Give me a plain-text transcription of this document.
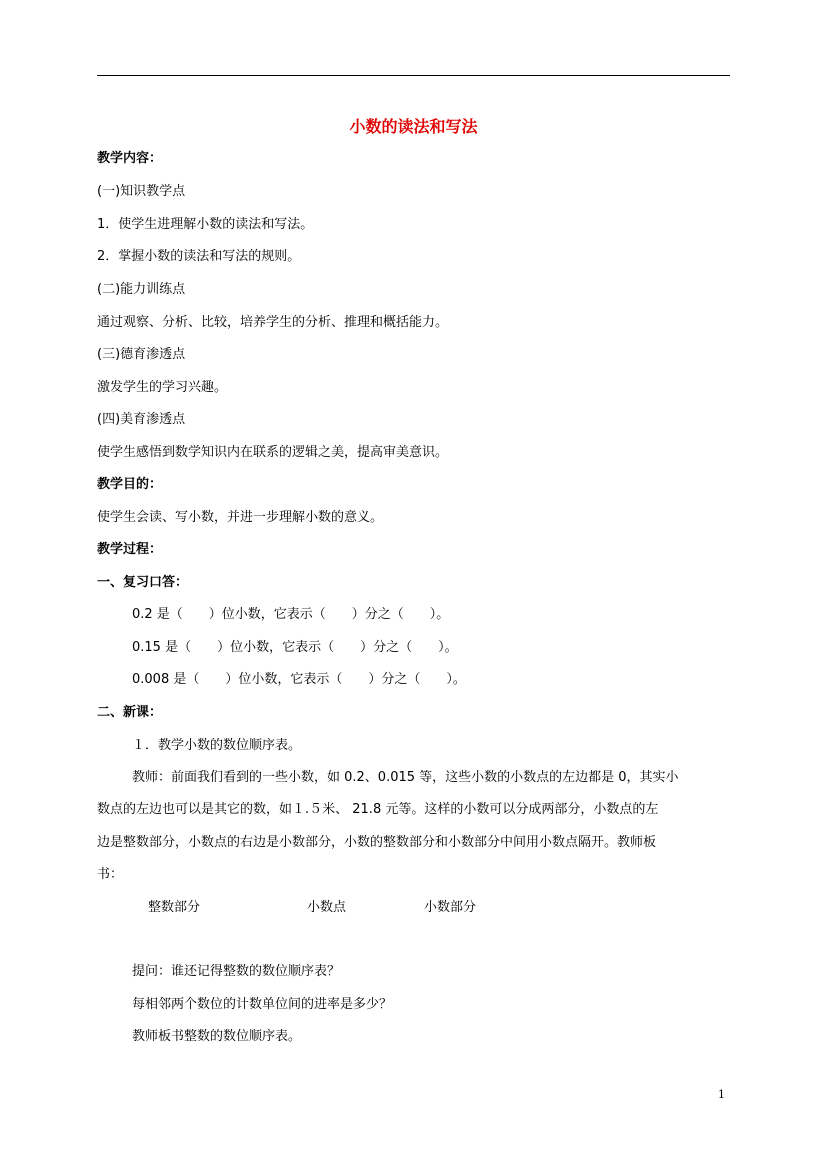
小数的读法和写法
教学内容：
(一)知识教学点
1．使学生进理解小数的读法和写法。
2．掌握小数的读法和写法的规则。
(二)能力训练点
通过观察、分析、比较，培养学生的分析、推理和概括能力。
(三)德育渗透点
激发学生的学习兴趣。
(四)美育渗透点
使学生感悟到数学知识内在联系的逻辑之美，提高审美意识。
教学目的：
使学生会读、写小数，并进一步理解小数的意义。
教学过程：
一、复习口答：
0.2 是（　　）位小数，它表示（　　）分之（　　）。
0.15 是（　　）位小数，它表示（　　）分之（　　）。
0.008 是（　　）位小数，它表示（　　）分之（　　）。
二、新课：
１．教学小数的数位顺序表。
教师：前面我们看到的一些小数，如 0.2、0.015 等，这些小数的小数点的左边都是 0，其实小
数点的左边也可以是其它的数，如１.５米、 21.8 元等。这样的小数可以分成两部分，小数点的左
边是整数部分，小数点的右边是小数部分，小数的整数部分和小数部分中间用小数点隔开。教师板
书：
整数部分	小数点	小数部分
提问：谁还记得整数的数位顺序表？
每相邻两个数位的计数单位间的进率是多少？
教师板书整数的数位顺序表。
1
